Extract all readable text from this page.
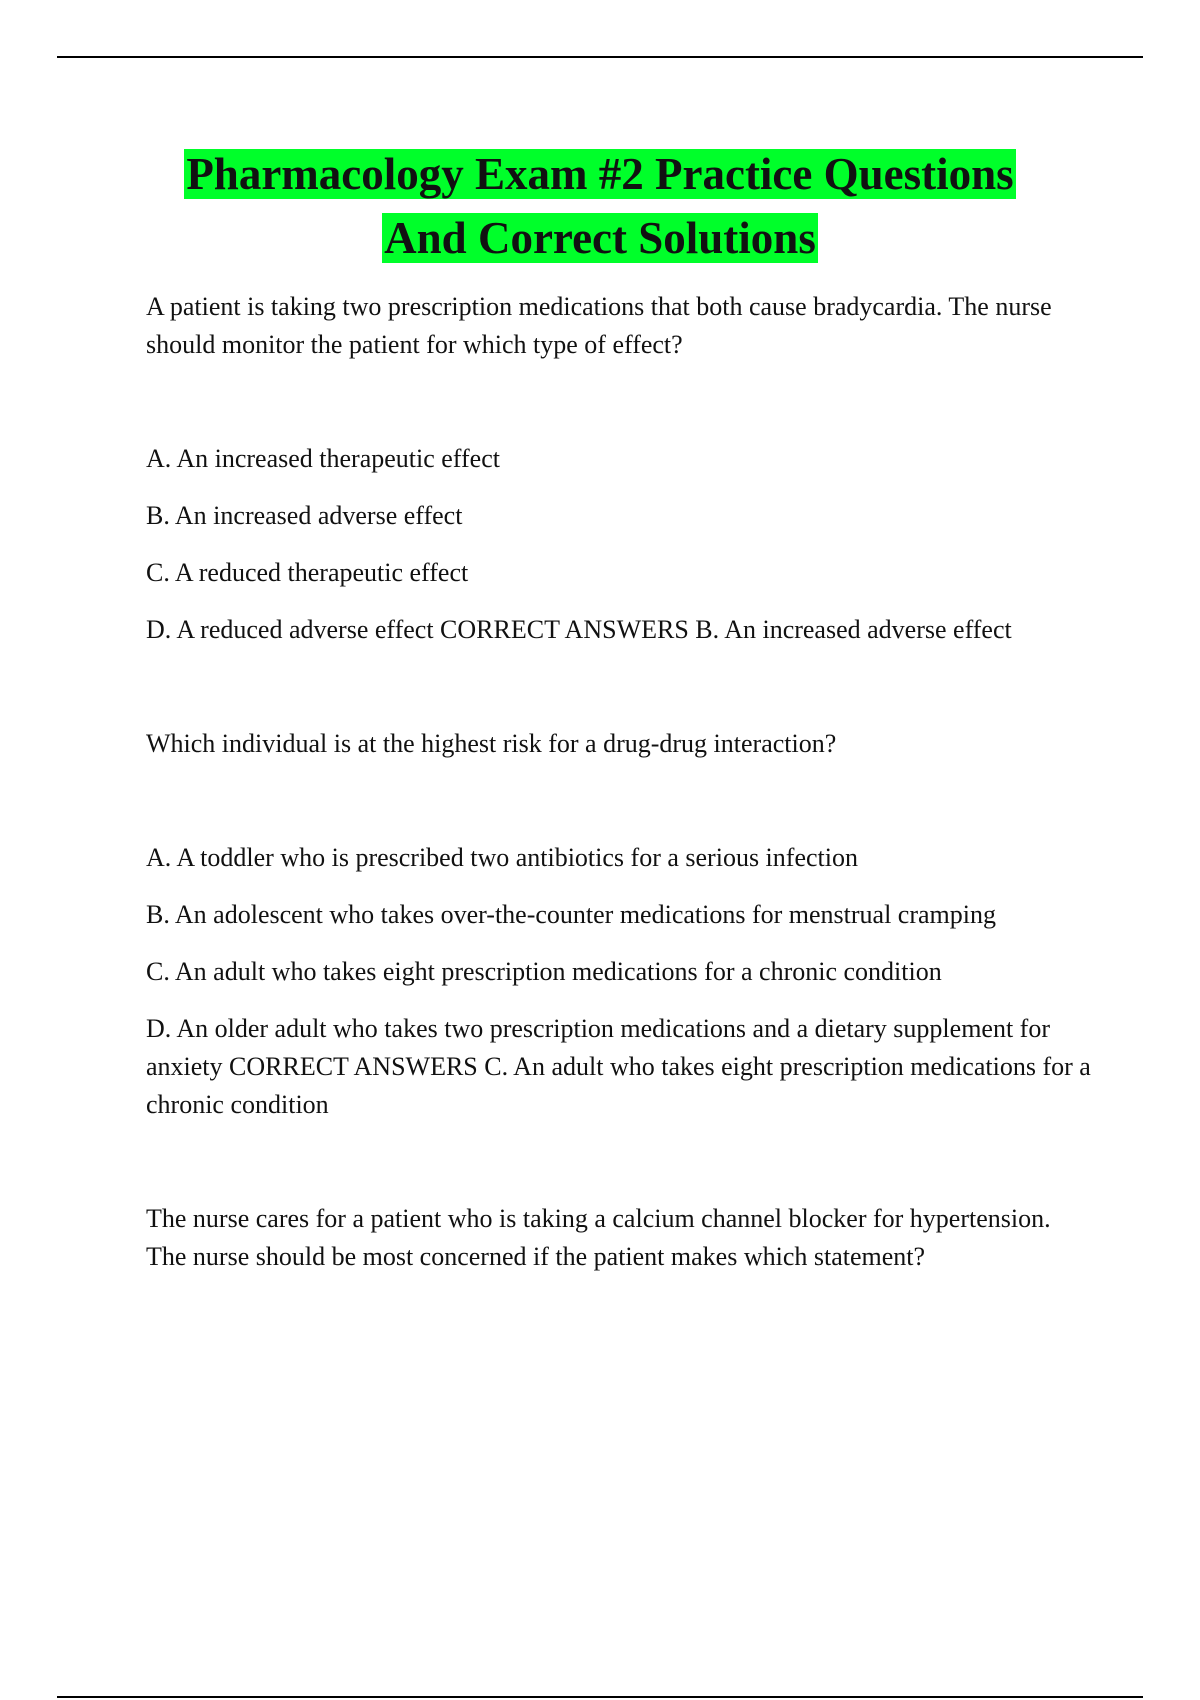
Pharmacology Exam #2 Practice Questions
And Correct Solutions

A patient is taking two prescription medications that both cause bradycardia. The nurse should monitor the patient for which type of effect?

A. An increased therapeutic effect

B. An increased adverse effect

C. A reduced therapeutic effect

D. A reduced adverse effect CORRECT ANSWERS B. An increased adverse effect

Which individual is at the highest risk for a drug-drug interaction?

A. A toddler who is prescribed two antibiotics for a serious infection

B. An adolescent who takes over-the-counter medications for menstrual cramping

C. An adult who takes eight prescription medications for a chronic condition

D. An older adult who takes two prescription medications and a dietary supplement for anxiety CORRECT ANSWERS C. An adult who takes eight prescription medications for a chronic condition

The nurse cares for a patient who is taking a calcium channel blocker for hypertension. The nurse should be most concerned if the patient makes which statement?
